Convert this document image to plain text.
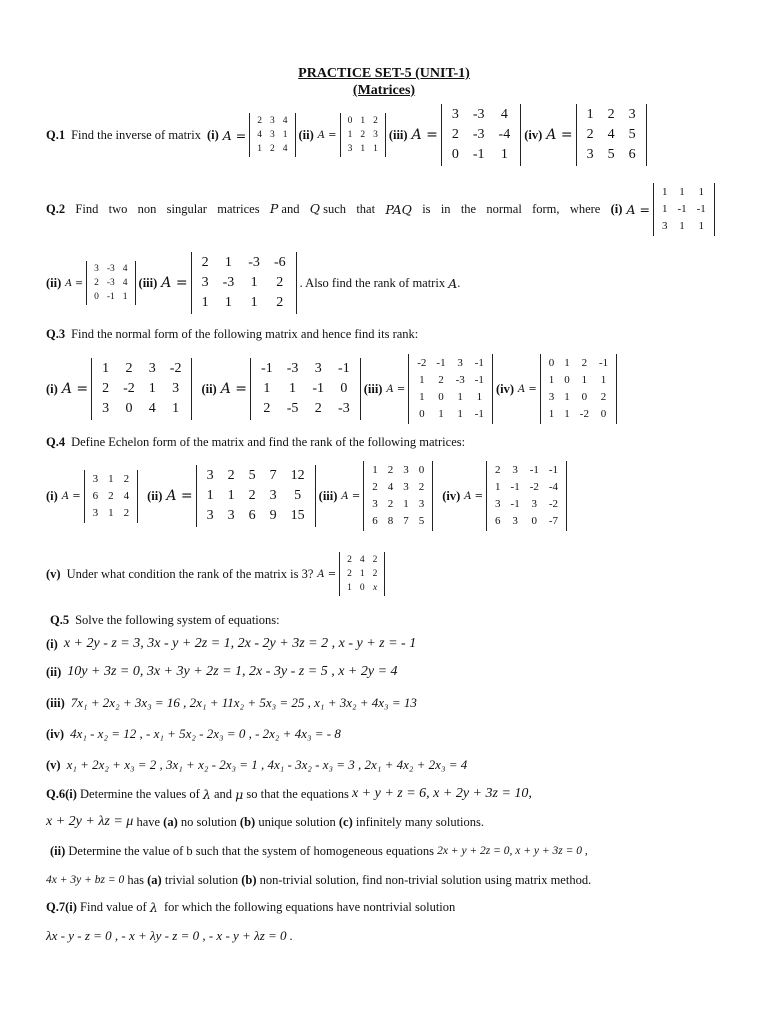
PRACTICE SET-5 (UNIT-1)
(Matrices)
Q.1 Find the inverse of matrix (i) A =
2	3	4
4	3	1
1	2	4
(ii) A =
0	1	2
1	2	3
3	1	1
(iii) A =
3	-3	4
2	-3	-4
0	-1	1
(iv) A =
1	2	3
2	4	5
3	5	6
Q.2 Find two non singular matrices P and Q such that PAQ is in the normal form, where (i) A =
1	1	1
1	-1	-1
3	1	1
(ii) A =
3	-3	4
2	-3	4
0	-1	1
(iii) A =
2	1	-3	-6
3	-3	1	2
1	1	1	2
. Also find the rank of matrix
A .
Q.3 Find the normal form of the following matrix and hence find its rank:
(i) A =
1	2	3	-2
2	-2	1	3
3	0	4	1
(ii) A =
-1	-3	3	-1
1	1	-1	0
2	-5	2	-3
(iii) A =
-2	-1	3	-1
1	2	-3	-1
1	0	1	1
0	1	1	-1
(iv) A =
0	1	2	-1
1	0	1	1
3	1	0	2
1	1	-2	0
Q.4 Define Echelon form of the matrix and find the rank of the following matrices:
(i) A =
3	1	2
6	2	4
3	1	2
(ii) A =
3	2	5	7	12
1	1	2	3	5
3	3	6	9	15
(iii) A =
1	2	3	0
2	4	3	2
3	2	1	3
6	8	7	5
(iv) A =
2	3	-1	-1
1	-1	-2	-4
3	-1	3	-2
6	3	0	-7
(v) Under what condition the rank of the matrix is 3? A =
2	4	2
2	1	2
1	0	x
Q.5 Solve the following system of equations:
(i) x + 2y - z = 3, 3x - y + 2z = 1, 2x - 2y + 3z = 2 , x - y + z = - 1
(ii) 10y + 3z = 0, 3x + 3y + 2z = 1, 2x - 3y - z = 5 , x + 2y = 4
(iii) 7x₁ + 2x₂ + 3x₃ = 16 , 2x₁ + 11x₂ + 5x₃ = 25 , x₁ + 3x₂ + 4x₃ = 13
(iv) 4x₁ - x₂ = 12 , - x₁ + 5x₂ - 2x₃ = 0 , - 2x₂ + 4x₃ = - 8
(v) x₁ + 2x₂ + x₃ = 2 , 3x₁ + x₂ - 2x₃ = 1 , 4x₁ - 3x₂ - x₃ = 3 , 2x₁ + 4x₂ + 2x₃ = 4
Q.6(i)
Determine the values of
λ
and
μ
so that the equations
x + y + z = 6, x + 2y + 3z = 10,
x + 2y + λz = μ
have
(a)
no solution
(b)
unique solution
(c)
infinitely many solutions.
(ii)
Determine the value of b such that the system of homogeneous equations
2x + y + 2z = 0, x + y + 3z = 0 ,
4x + 3y + bz = 0
has
(a)
trivial solution
(b)
non-trivial solution, find non-trivial solution using matrix method.
Q.7(i)
Find value of
λ
for which the following equations have nontrivial solution
λx - y - z = 0 , - x + λy - z = 0 , - x - y + λz = 0 .
